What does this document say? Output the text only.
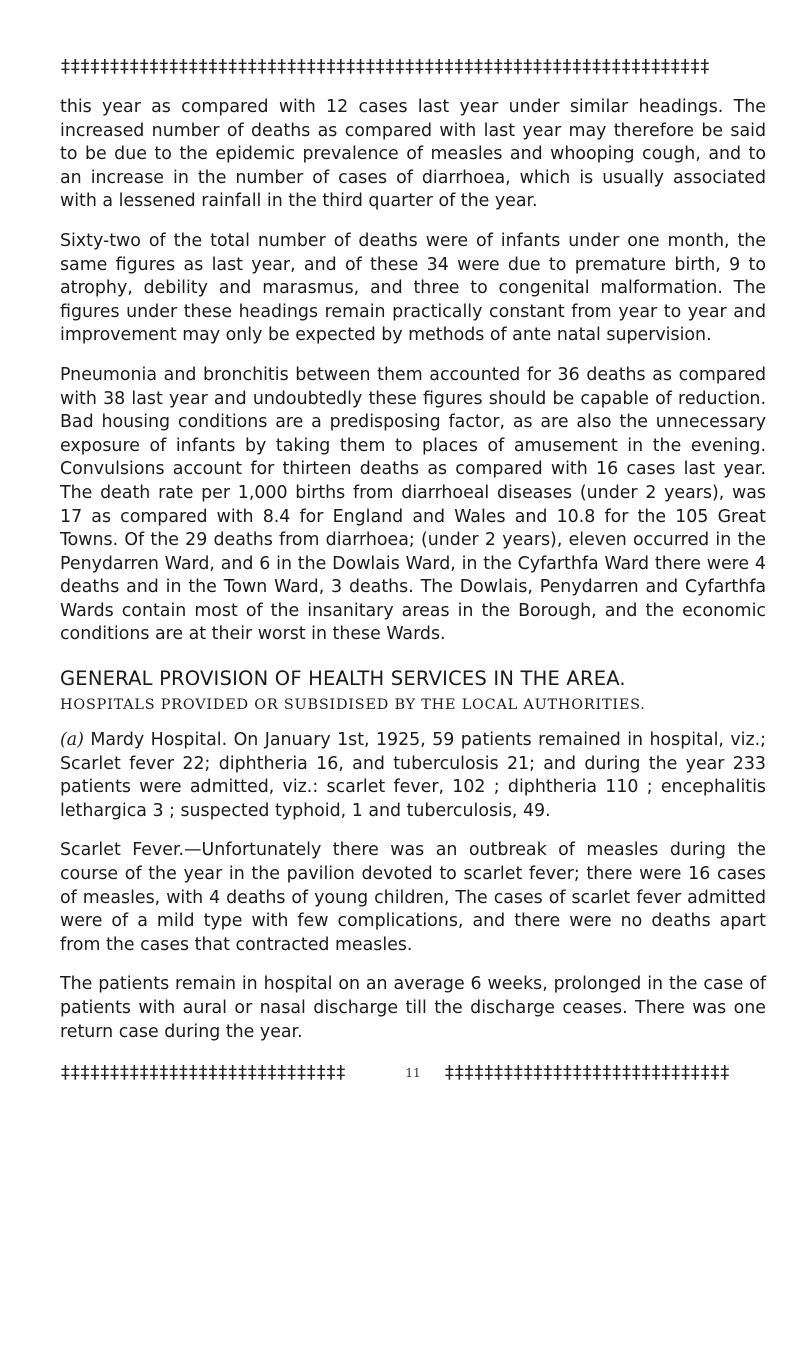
‡‡‡‡‡‡‡‡‡‡‡‡‡‡‡‡‡‡‡‡‡‡‡‡‡‡‡‡‡‡‡‡‡‡‡‡‡‡‡‡‡‡‡‡‡‡‡‡‡‡‡‡‡‡‡‡‡‡‡‡‡‡‡‡‡‡

this year as compared with 12 cases last year under similar headings. The increased number of deaths as compared with last year may therefore be said to be due to the epidemic prevalence of measles and whooping cough, and to an increase in the number of cases of diarrhoea, which is usually associated with a lessened rainfall in the third quarter of the year.

Sixty-two of the total number of deaths were of infants under one month, the same figures as last year, and of these 34 were due to premature birth, 9 to atrophy, debility and marasmus, and three to congenital malformation. The figures under these headings remain practically constant from year to year and improvement may only be expected by methods of ante natal supervision.

Pneumonia and bronchitis between them accounted for 36 deaths as compared with 38 last year and undoubtedly these figures should be capable of reduction. Bad housing conditions are a predisposing factor, as are also the unnecessary exposure of infants by taking them to places of amusement in the evening. Convulsions account for thirteen deaths as compared with 16 cases last year. The death rate per 1,000 births from diarrhoeal diseases (under 2 years), was 17 as compared with 8.4 for England and Wales and 10.8 for the 105 Great Towns. Of the 29 deaths from diarrhoea; (under 2 years), eleven occurred in the Penydarren Ward, and 6 in the Dowlais Ward, in the Cyfarthfa Ward there were 4 deaths and in the Town Ward, 3 deaths. The Dowlais, Penydarren and Cyfarthfa Wards contain most of the insanitary areas in the Borough, and the economic conditions are at their worst in these Wards.

GENERAL PROVISION OF HEALTH SERVICES IN THE AREA.
HOSPITALS PROVIDED OR SUBSIDISED BY THE LOCAL AUTHORITIES.

(a) Mardy Hospital. On January 1st, 1925, 59 patients remained in hospital, viz.; Scarlet fever 22; diphtheria 16, and tuberculosis 21; and during the year 233 patients were admitted, viz.: scarlet fever, 102 ; diphtheria 110 ; encephalitis lethargica 3 ; suspected typhoid, 1 and tuberculosis, 49.

Scarlet Fever.—Unfortunately there was an outbreak of measles during the course of the year in the pavilion devoted to scarlet fever; there were 16 cases of measles, with 4 deaths of young children, The cases of scarlet fever admitted were of a mild type with few complications, and there were no deaths apart from the cases that contracted measles.

The patients remain in hospital on an average 6 weeks, prolonged in the case of patients with aural or nasal discharge till the discharge ceases. There was one return case during the year.

‡‡‡‡‡‡‡‡‡‡‡‡‡‡‡‡‡‡‡‡‡‡‡‡‡‡‡‡‡	11	‡‡‡‡‡‡‡‡‡‡‡‡‡‡‡‡‡‡‡‡‡‡‡‡‡‡‡‡‡
